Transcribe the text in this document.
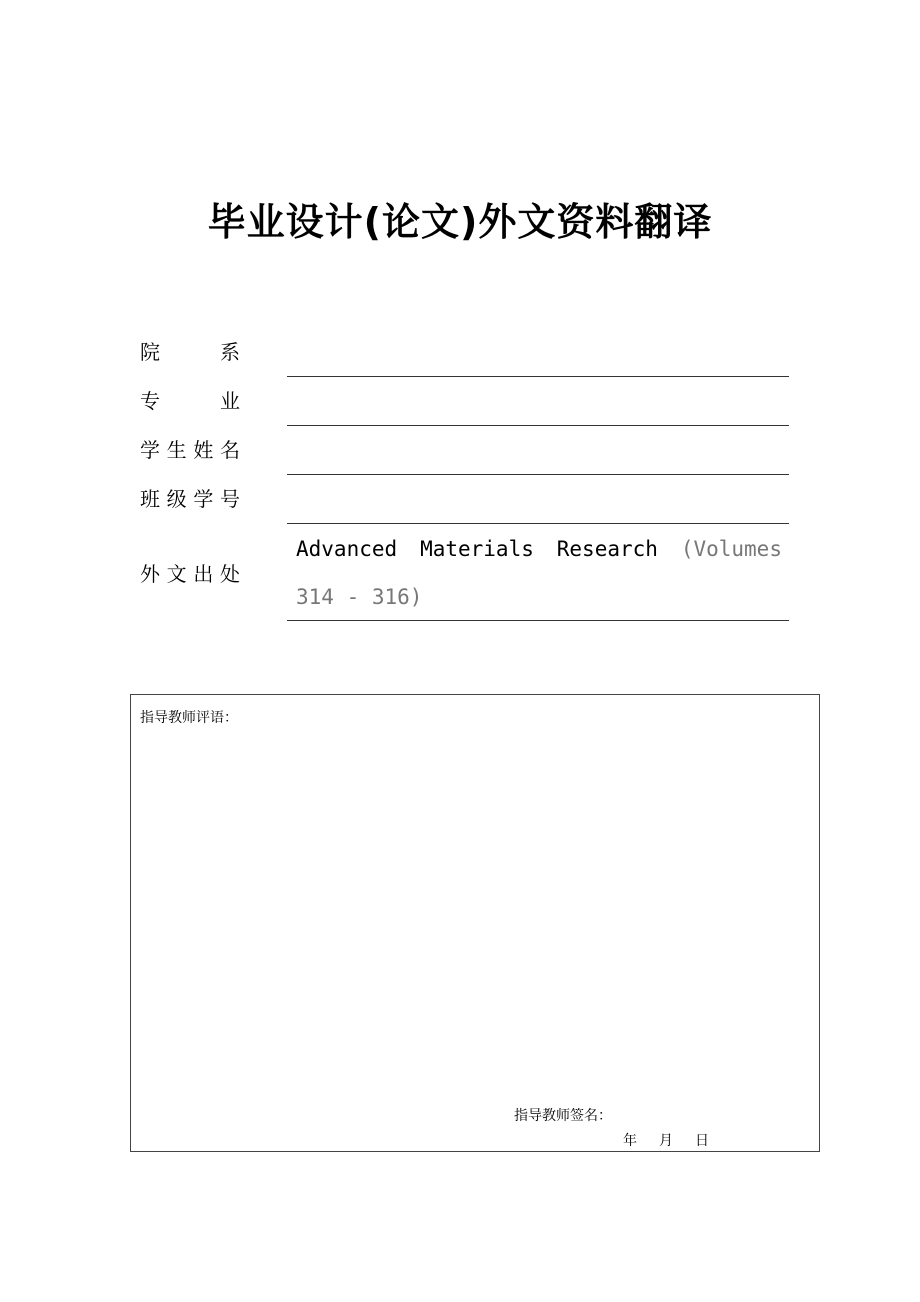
毕业设计(论文)外文资料翻译
院	系
专	业
学 生 姓 名
班 级 学 号
外 文 出 处
Advanced Materials Research (Volumes
314 - 316)
指导教师评语：
指导教师签名：
年 月 日
